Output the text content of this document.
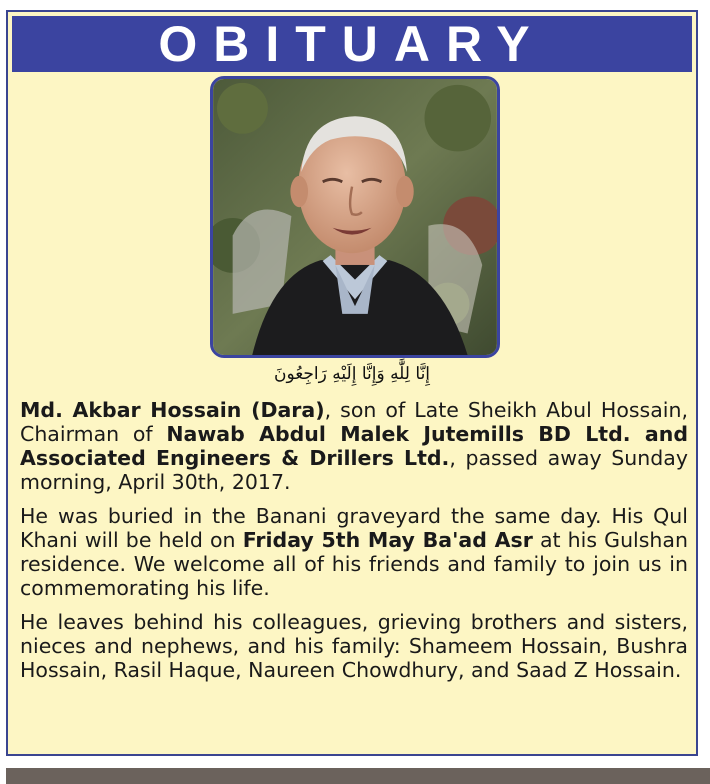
OBITUARY
إِنَّا لِلَّٰهِ وَإِنَّا إِلَيْهِ رَاجِعُونَ

Md. Akbar Hossain (Dara), son of Late Sheikh Abul Hossain, Chairman of Nawab Abdul Malek Jutemills BD Ltd. and Associated Engineers & Drillers Ltd., passed away Sunday morning, April 30th, 2017.

He was buried in the Banani graveyard the same day. His Qul Khani will be held on Friday 5th May Ba'ad Asr at his Gulshan residence. We welcome all of his friends and family to join us in commemorating his life.

He leaves behind his colleagues, grieving brothers and sisters, nieces and nephews, and his family: Shameem Hossain, Bushra Hossain, Rasil Haque, Naureen Chowdhury, and Saad Z Hossain.
